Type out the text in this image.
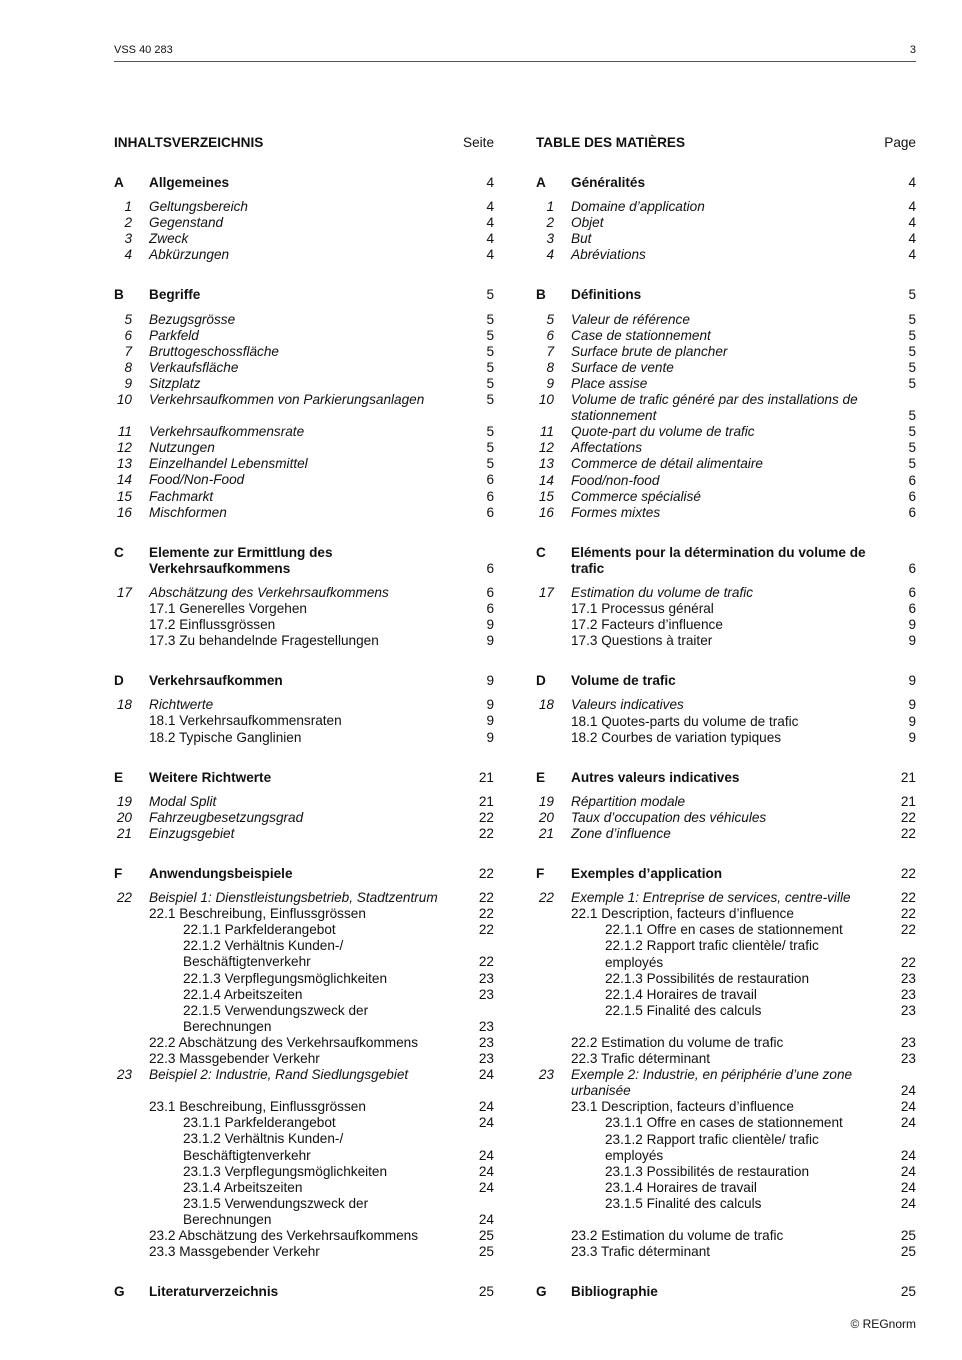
VSS 40 283	3
INHALTSVERZEICHNIS	Seite
A Allgemeines	4
1 Geltungsbereich	4
2 Gegenstand	4
3 Zweck	4
4 Abkürzungen	4
B Begriffe	5
5 Bezugsgrösse	5
6 Parkfeld	5
7 Bruttogeschossfläche	5
8 Verkaufsfläche	5
9 Sitzplatz	5
10 Verkehrsaufkommen von Parkierungsanlagen	5
11 Verkehrsaufkommensrate	5
12 Nutzungen	5
13 Einzelhandel Lebensmittel	5
14 Food/Non-Food	6
15 Fachmarkt	6
16 Mischformen	6
C Elemente zur Ermittlung des Verkehrsaufkommens	6
17 Abschätzung des Verkehrsaufkommens	6
17.1 Generelles Vorgehen	6
17.2 Einflussgrössen	9
17.3 Zu behandelnde Fragestellungen	9
D Verkehrsaufkommen	9
18 Richtwerte	9
18.1 Verkehrsaufkommensraten	9
18.2 Typische Ganglinien	9
E Weitere Richtwerte	21
19 Modal Split	21
20 Fahrzeugbesetzungsgrad	22
21 Einzugsgebiet	22
F Anwendungsbeispiele	22
22 Beispiel 1: Dienstleistungsbetrieb, Stadtzentrum	22
22.1 Beschreibung, Einflussgrössen	22
22.1.1 Parkfelderangebot	22
22.1.2 Verhältnis Kunden-/ Beschäftigtenverkehr	22
22.1.3 Verpflegungsmöglichkeiten	23
22.1.4 Arbeitszeiten	23
22.1.5 Verwendungszweck der Berechnungen	23
22.2 Abschätzung des Verkehrsaufkommens	23
22.3 Massgebender Verkehr	23
23 Beispiel 2: Industrie, Rand Siedlungsgebiet	24
23.1 Beschreibung, Einflussgrössen	24
23.1.1 Parkfelderangebot	24
23.1.2 Verhältnis Kunden-/ Beschäftigtenverkehr	24
23.1.3 Verpflegungsmöglichkeiten	24
23.1.4 Arbeitszeiten	24
23.1.5 Verwendungszweck der Berechnungen	24
23.2 Abschätzung des Verkehrsaufkommens	25
23.3 Massgebender Verkehr	25
G Literaturverzeichnis	25
TABLE DES MATIÈRES	Page
A Généralités	4
1 Domaine d’application	4
2 Objet	4
3 But	4
4 Abréviations	4
B Définitions	5
5 Valeur de référence	5
6 Case de stationnement	5
7 Surface brute de plancher	5
8 Surface de vente	5
9 Place assise	5
10 Volume de trafic généré par des installations de stationnement	5
11 Quote-part du volume de trafic	5
12 Affectations	5
13 Commerce de détail alimentaire	5
14 Food/non-food	6
15 Commerce spécialisé	6
16 Formes mixtes	6
C Eléments pour la détermination du volume de trafic	6
17 Estimation du volume de trafic	6
17.1 Processus général	6
17.2 Facteurs d’influence	9
17.3 Questions à traiter	9
D Volume de trafic	9
18 Valeurs indicatives	9
18.1 Quotes-parts du volume de trafic	9
18.2 Courbes de variation typiques	9
E Autres valeurs indicatives	21
19 Répartition modale	21
20 Taux d’occupation des véhicules	22
21 Zone d’influence	22
F Exemples d’application	22
22 Exemple 1: Entreprise de services, centre-ville	22
22.1 Description, facteurs d’influence	22
22.1.1 Offre en cases de stationnement	22
22.1.2 Rapport trafic clientèle/ trafic employés	22
22.1.3 Possibilités de restauration	23
22.1.4 Horaires de travail	23
22.1.5 Finalité des calculs	23
22.2 Estimation du volume de trafic	23
22.3 Trafic déterminant	23
23 Exemple 2: Industrie, en périphérie d’une zone urbanisée	24
23.1 Description, facteurs d’influence	24
23.1.1 Offre en cases de stationnement	24
23.1.2 Rapport trafic clientèle/ trafic employés	24
23.1.3 Possibilités de restauration	24
23.1.4 Horaires de travail	24
23.1.5 Finalité des calculs	24
23.2 Estimation du volume de trafic	25
23.3 Trafic déterminant	25
G Bibliographie	25
© REGnorm
